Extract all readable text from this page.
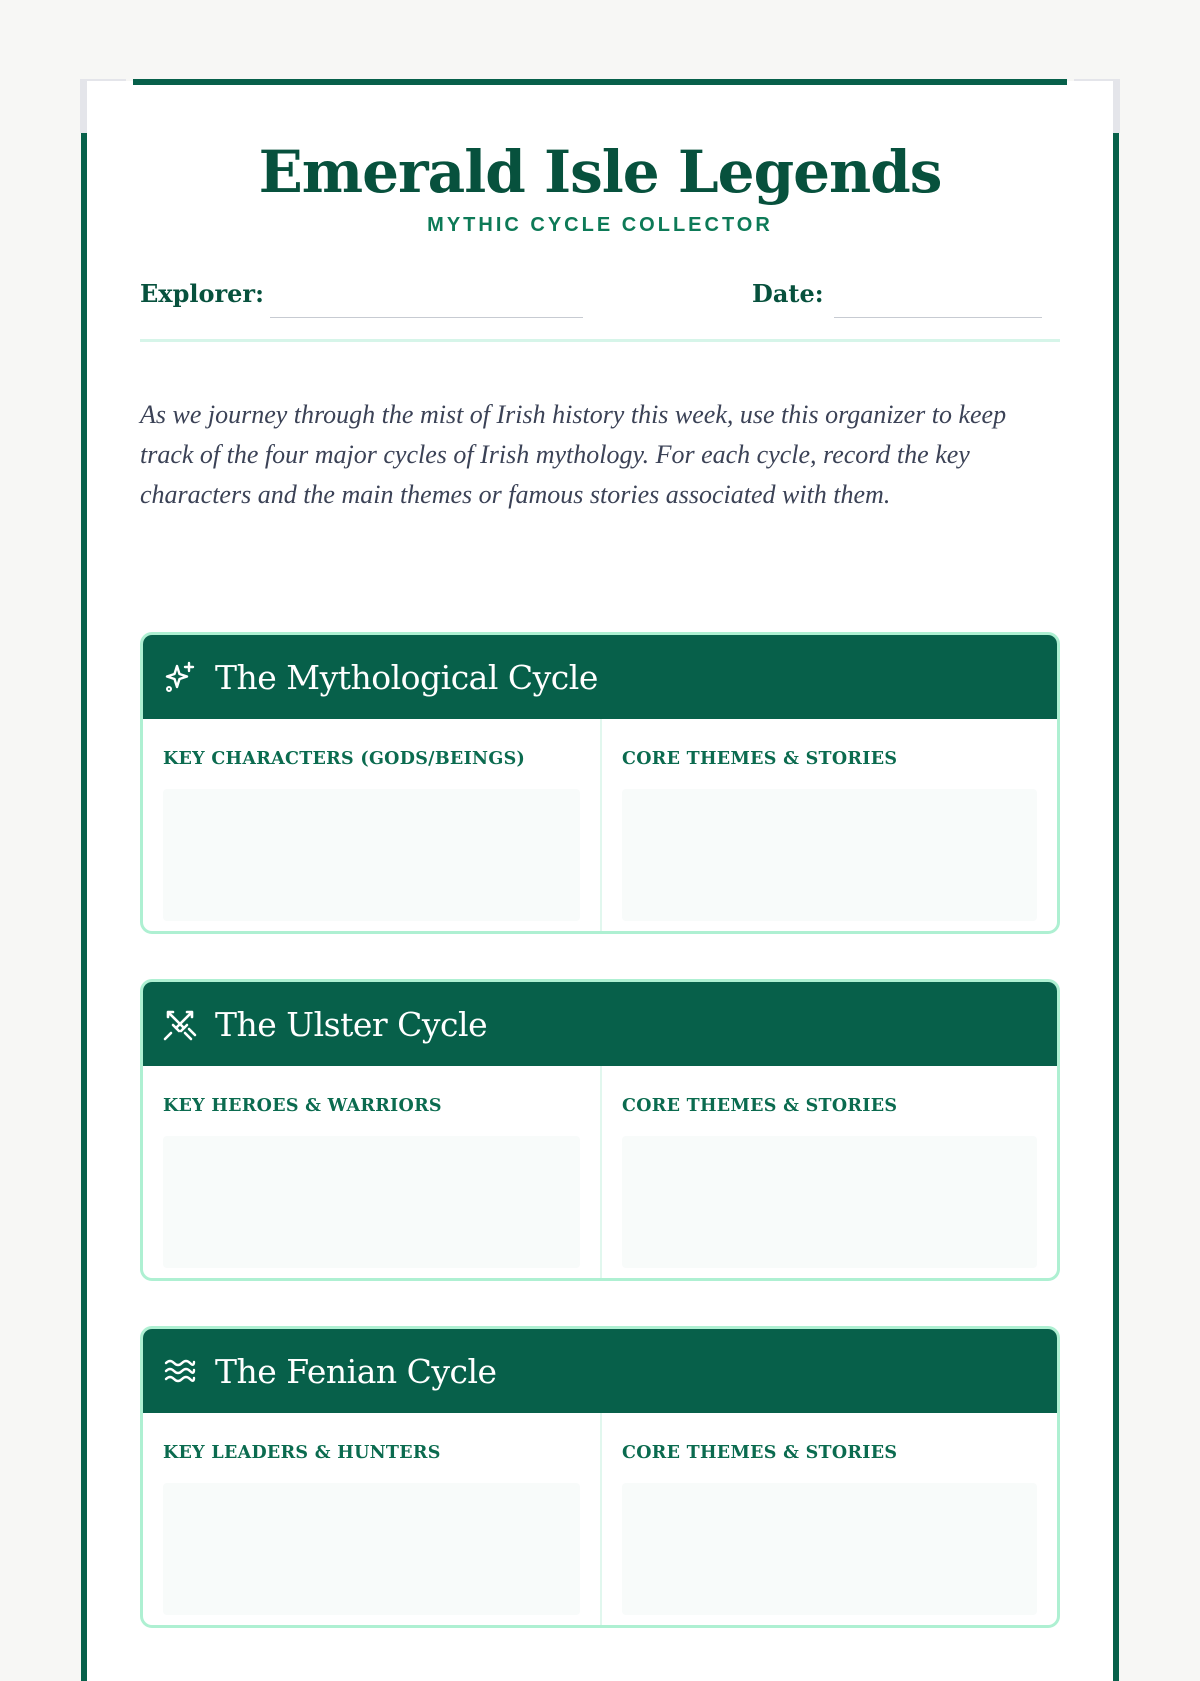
Emerald Isle Legends
MYTHIC CYCLE COLLECTOR
Explorer:	Date:
As we journey through the mist of Irish history this week, use this organizer to keep track of the four major cycles of Irish mythology. For each cycle, record the key characters and the main themes or famous stories associated with them.
The Mythological Cycle
KEY CHARACTERS (GODS/BEINGS)	CORE THEMES & STORIES
The Ulster Cycle
KEY HEROES & WARRIORS	CORE THEMES & STORIES
The Fenian Cycle
KEY LEADERS & HUNTERS	CORE THEMES & STORIES
